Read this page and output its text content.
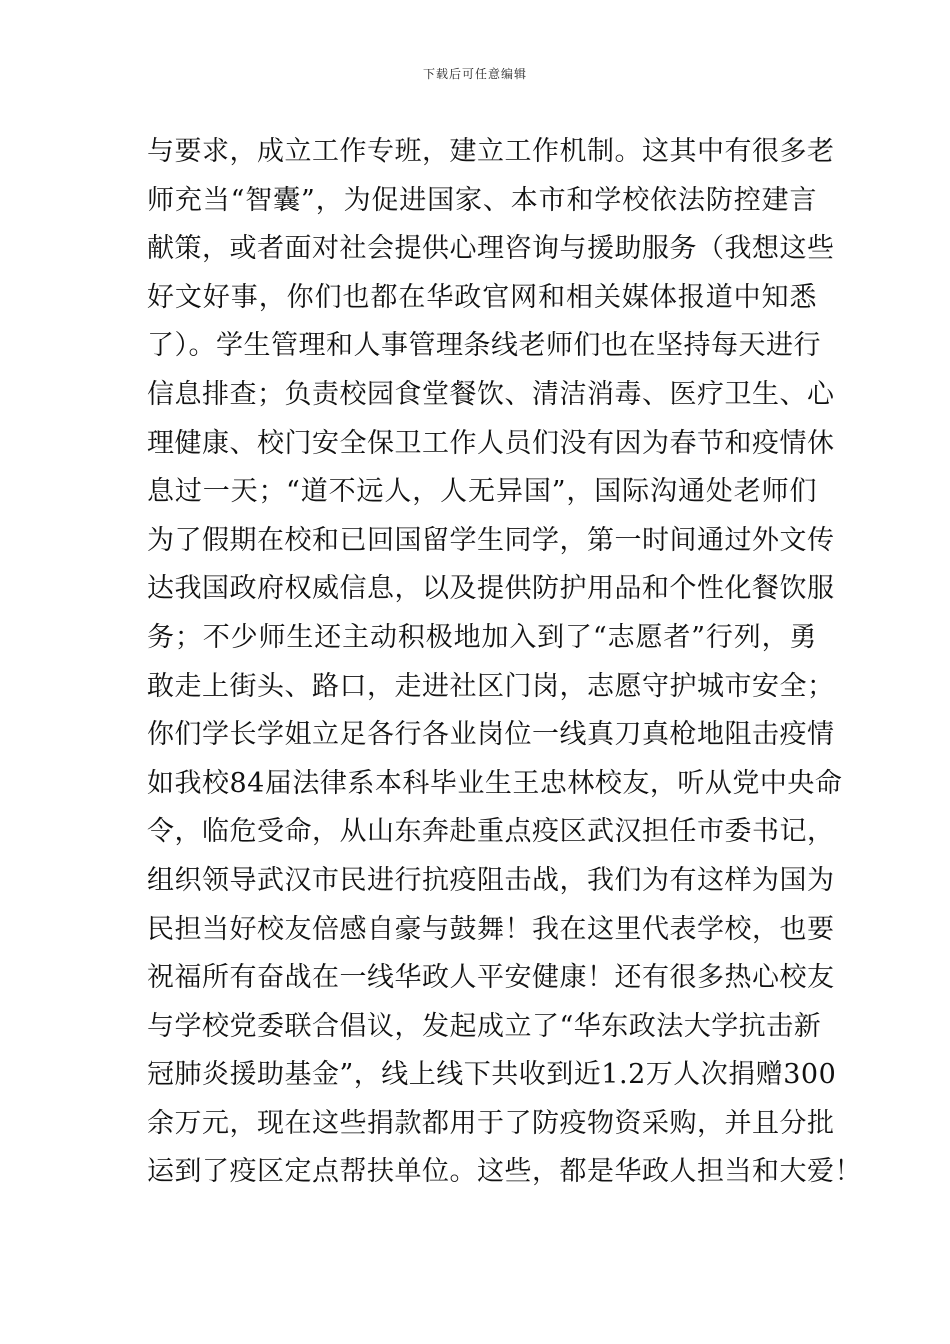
下载后可任意编辑
与要求，成立工作专班，建立工作机制。这其中有很多老
师充当“智囊”，为促进国家、本市和学校依法防控建言
献策，或者面对社会提供心理咨询与援助服务（我想这些
好文好事，你们也都在华政官网和相关媒体报道中知悉
了）。学生管理和人事管理条线老师们也在坚持每天进行
信息排查；负责校园食堂餐饮、清洁消毒、医疗卫生、心
理健康、校门安全保卫工作人员们没有因为春节和疫情休
息过一天；“道不远人，人无异国”，国际沟通处老师们
为了假期在校和已回国留学生同学，第一时间通过外文传
达我国政府权威信息，以及提供防护用品和个性化餐饮服
务；不少师生还主动积极地加入到了“志愿者”行列，勇
敢走上街头、路口，走进社区门岗，志愿守护城市安全；
你们学长学姐立足各行各业岗位一线真刀真枪地阻击疫情
如我校84届法律系本科毕业生王忠林校友，听从党中央命
令，临危受命，从山东奔赴重点疫区武汉担任市委书记，
组织领导武汉市民进行抗疫阻击战，我们为有这样为国为
民担当好校友倍感自豪与鼓舞！我在这里代表学校，也要
祝福所有奋战在一线华政人平安健康！还有很多热心校友
与学校党委联合倡议，发起成立了“华东政法大学抗击新
冠肺炎援助基金”，线上线下共收到近1.2万人次捐赠300
余万元，现在这些捐款都用于了防疫物资采购，并且分批
运到了疫区定点帮扶单位。这些，都是华政人担当和大爱！
